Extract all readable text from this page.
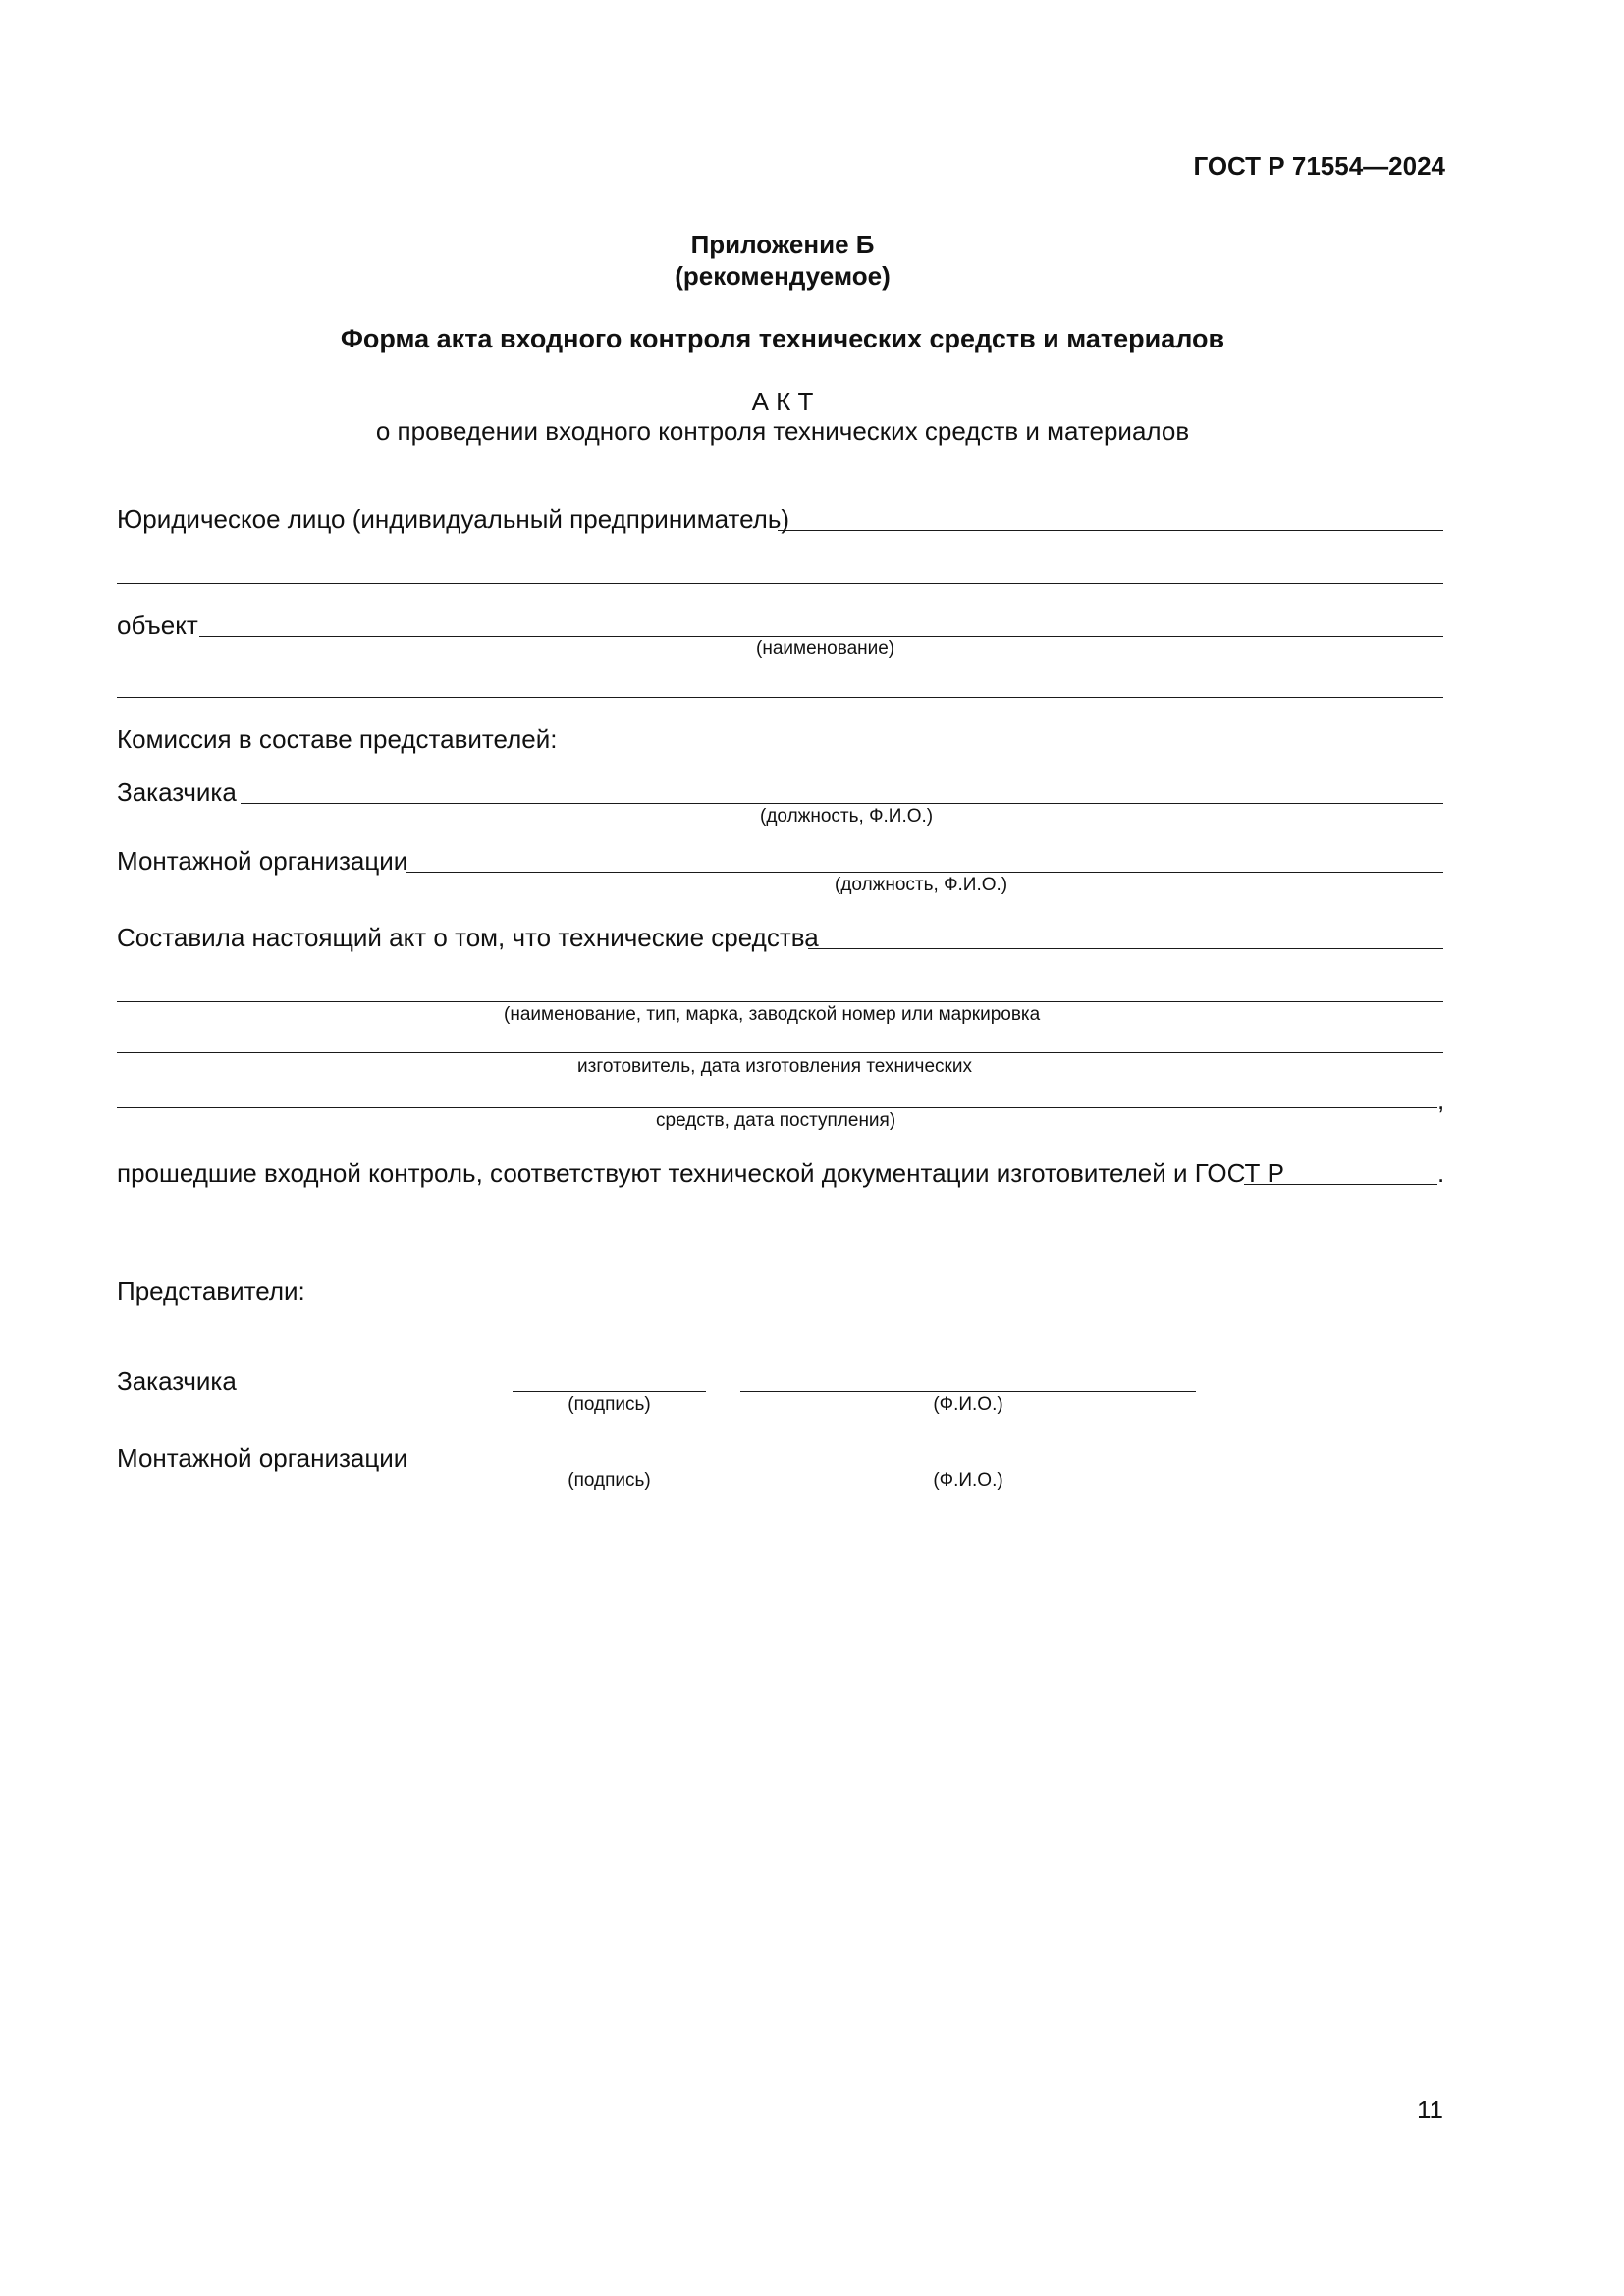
ГОСТ Р 71554—2024
Приложение Б
(рекомендуемое)
Форма акта входного контроля технических средств и материалов
А К Т
о проведении входного контроля технических средств и материалов
Юридическое лицо (индивидуальный предприниматель)
объект
(наименование)
Комиссия в составе представителей:
Заказчика
(должность, Ф.И.О.)
Монтажной организации
(должность, Ф.И.О.)
Составила настоящий акт о том, что технические средства
(наименование, тип, марка, заводской номер или маркировка
изготовитель, дата изготовления технических
,
средств, дата поступления)
прошедшие входной контроль, соответствуют технической документации изготовителей и ГОСТ Р	.
Представители:
Заказчика
(подпись)	(Ф.И.О.)
Монтажной организации
(подпись)	(Ф.И.О.)
11
